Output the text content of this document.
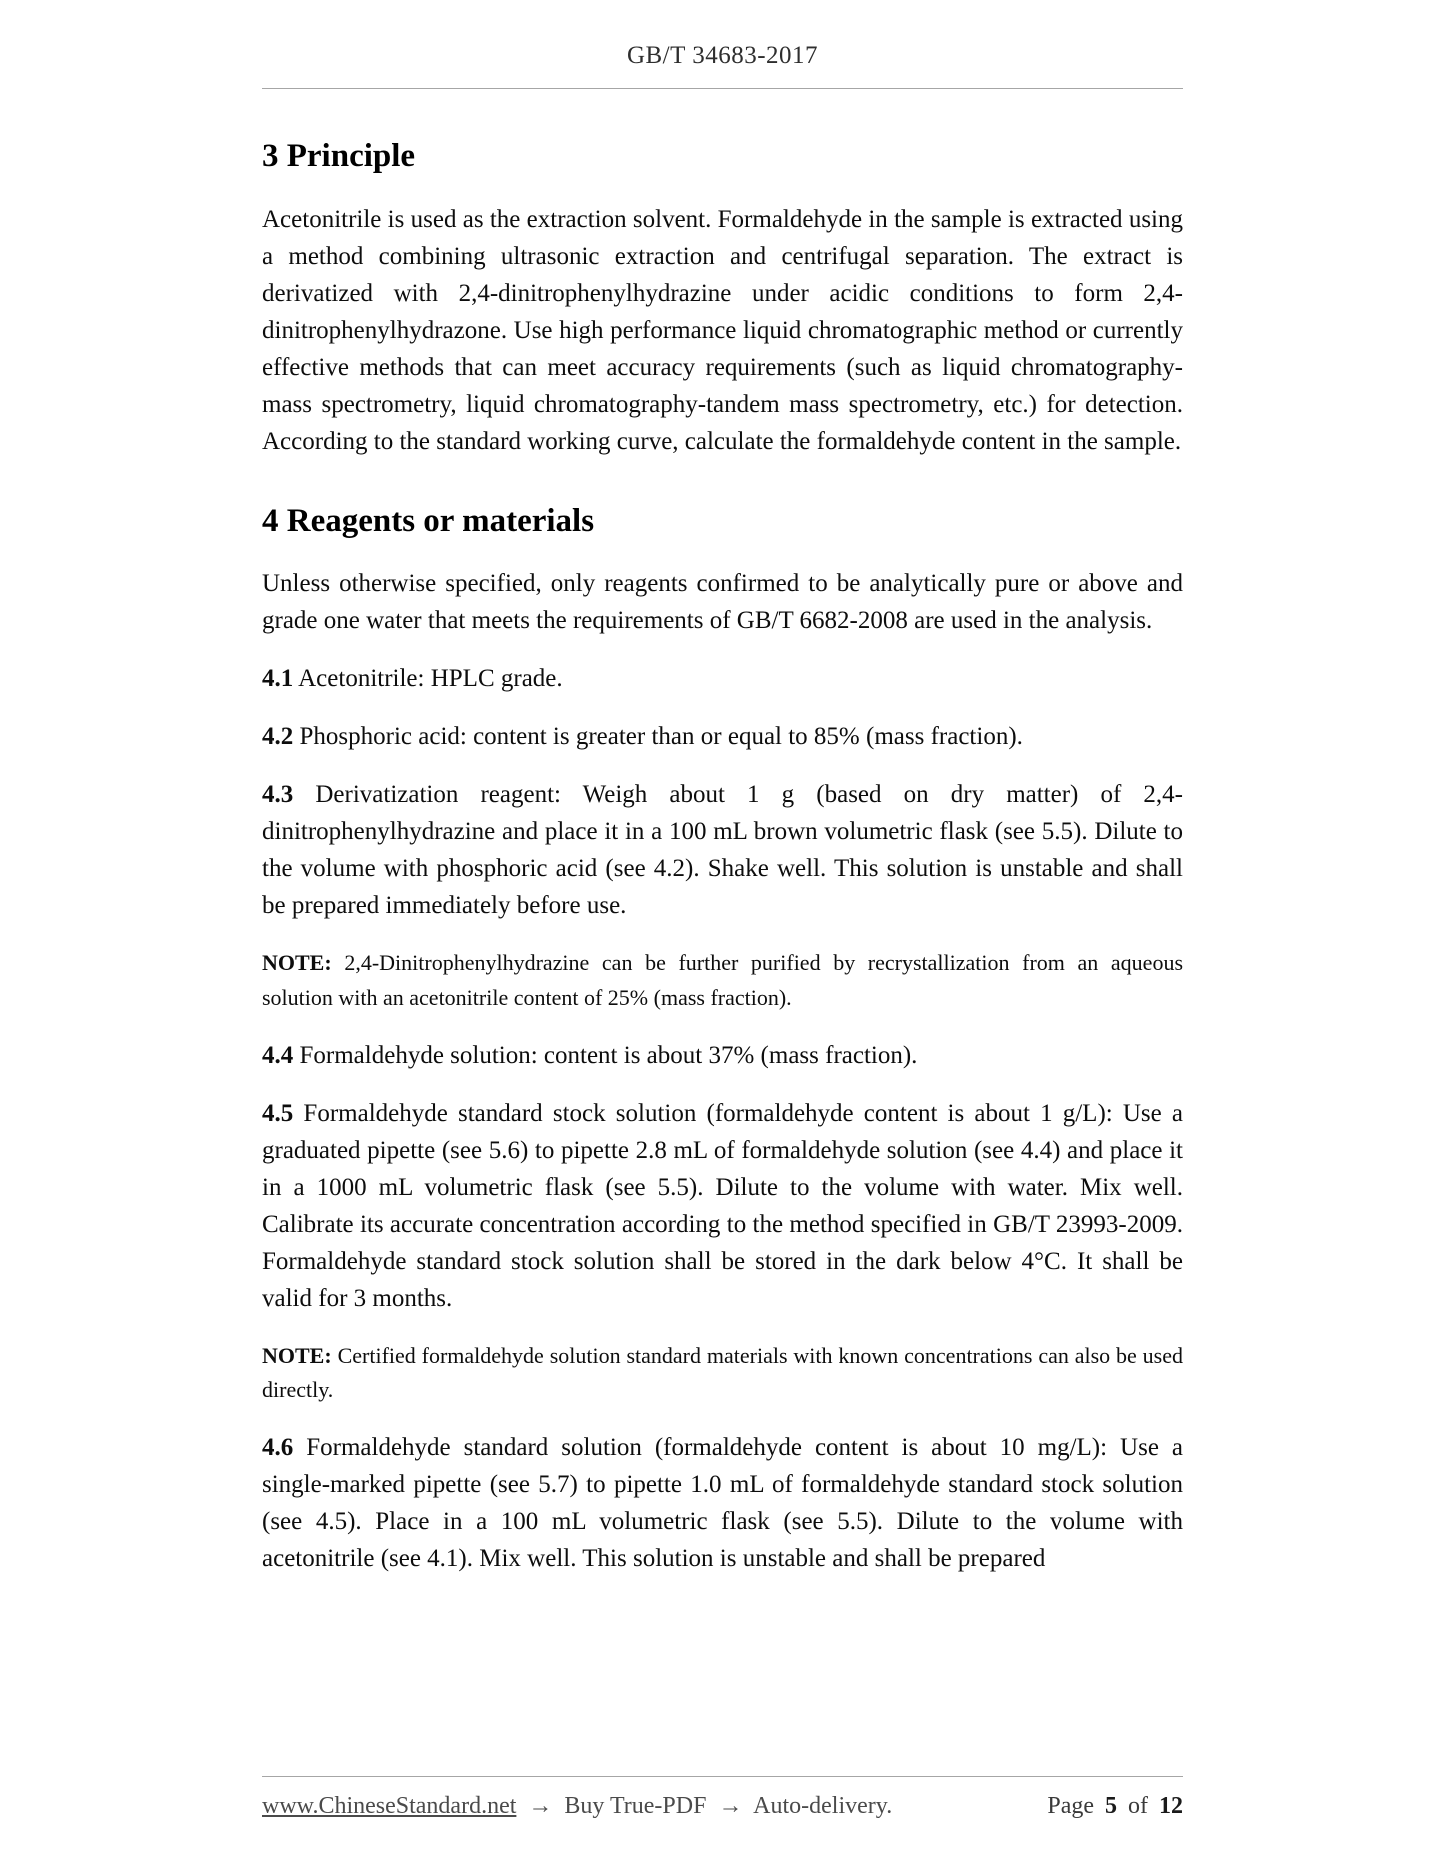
GB/T 34683-2017
3 Principle

Acetonitrile is used as the extraction solvent. Formaldehyde in the sample is extracted using a method combining ultrasonic extraction and centrifugal separation. The extract is derivatized with 2,4-dinitrophenylhydrazine under acidic conditions to form 2,4-dinitrophenylhydrazone. Use high performance liquid chromatographic method or currently effective methods that can meet accuracy requirements (such as liquid chromatography-mass spectrometry, liquid chromatography-tandem mass spectrometry, etc.) for detection. According to the standard working curve, calculate the formaldehyde content in the sample.

4 Reagents or materials

Unless otherwise specified, only reagents confirmed to be analytically pure or above and grade one water that meets the requirements of GB/T 6682-2008 are used in the analysis.

4.1 Acetonitrile: HPLC grade.

4.2 Phosphoric acid: content is greater than or equal to 85% (mass fraction).

4.3 Derivatization reagent: Weigh about 1 g (based on dry matter) of 2,4-dinitrophenylhydrazine and place it in a 100 mL brown volumetric flask (see 5.5). Dilute to the volume with phosphoric acid (see 4.2). Shake well. This solution is unstable and shall be prepared immediately before use.

NOTE: 2,4-Dinitrophenylhydrazine can be further purified by recrystallization from an aqueous solution with an acetonitrile content of 25% (mass fraction).

4.4 Formaldehyde solution: content is about 37% (mass fraction).

4.5 Formaldehyde standard stock solution (formaldehyde content is about 1 g/L): Use a graduated pipette (see 5.6) to pipette 2.8 mL of formaldehyde solution (see 4.4) and place it in a 1000 mL volumetric flask (see 5.5). Dilute to the volume with water. Mix well. Calibrate its accurate concentration according to the method specified in GB/T 23993-2009. Formaldehyde standard stock solution shall be stored in the dark below 4°C. It shall be valid for 3 months.

NOTE: Certified formaldehyde solution standard materials with known concentrations can also be used directly.

4.6 Formaldehyde standard solution (formaldehyde content is about 10 mg/L): Use a single-marked pipette (see 5.7) to pipette 1.0 mL of formaldehyde standard stock solution (see 4.5). Place in a 100 mL volumetric flask (see 5.5). Dilute to the volume with acetonitrile (see 4.1). Mix well. This solution is unstable and shall be prepared

www.ChineseStandard.net → Buy True-PDF → Auto-delivery.	Page 5 of 12
